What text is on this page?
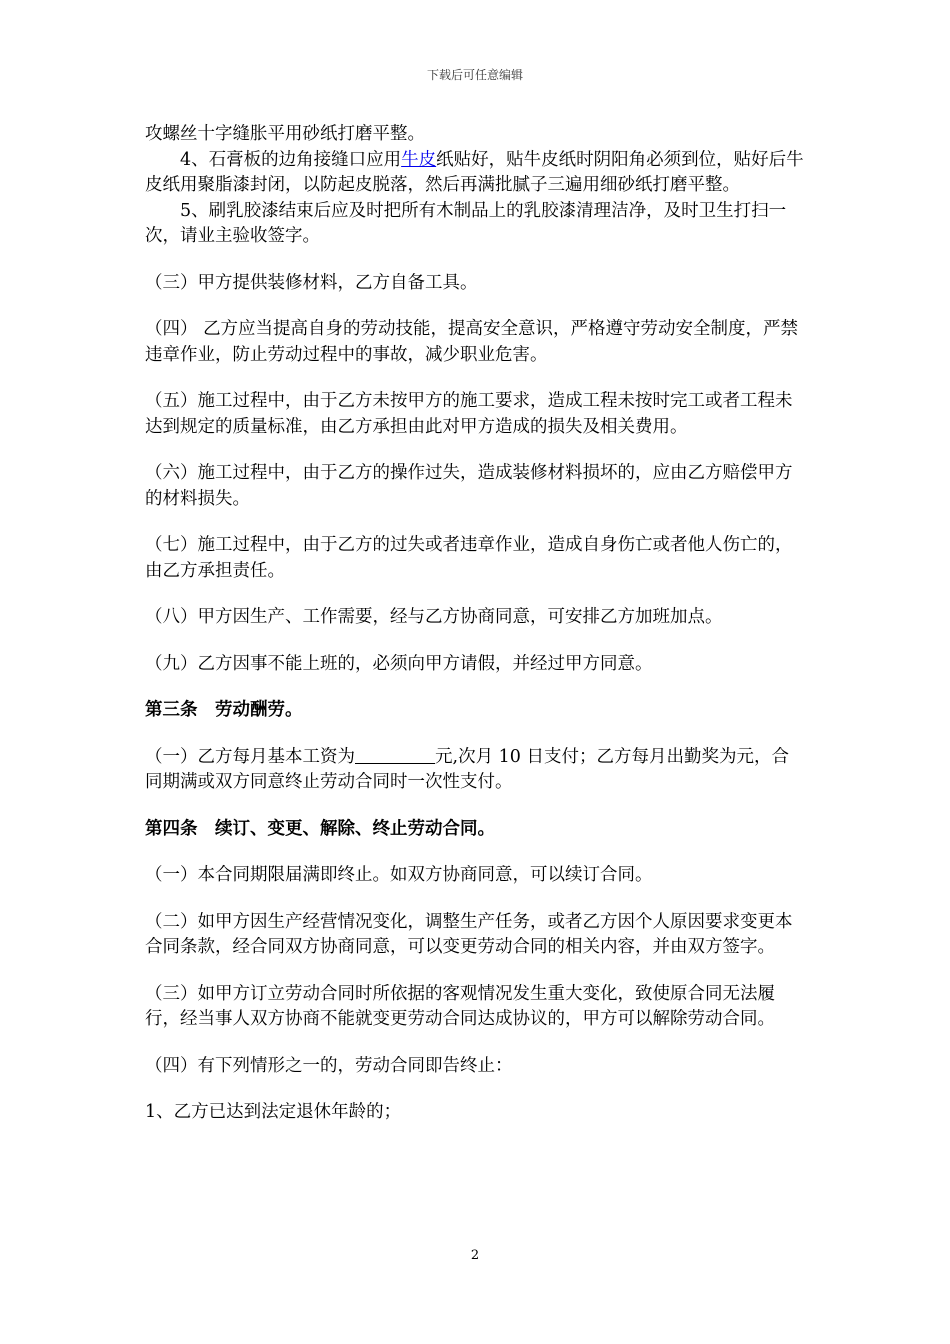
下载后可任意编辑

攻螺丝十字缝胀平用砂纸打磨平整。

4、石膏板的边角接缝口应用牛皮纸贴好，贴牛皮纸时阴阳角必须到位，贴好后牛皮纸用聚脂漆封闭，以防起皮脱落，然后再满批腻子三遍用细砂纸打磨平整。

5、刷乳胶漆结束后应及时把所有木制品上的乳胶漆清理洁净，及时卫生打扫一次，请业主验收签字。

（三）甲方提供装修材料，乙方自备工具。

（四） 乙方应当提高自身的劳动技能，提高安全意识，严格遵守劳动安全制度，严禁违章作业，防止劳动过程中的事故，减少职业危害。

（五）施工过程中，由于乙方未按甲方的施工要求，造成工程未按时完工或者工程未达到规定的质量标准，由乙方承担由此对甲方造成的损失及相关费用。

（六）施工过程中，由于乙方的操作过失，造成装修材料损坏的，应由乙方赔偿甲方的材料损失。

（七）施工过程中，由于乙方的过失或者违章作业，造成自身伤亡或者他人伤亡的，由乙方承担责任。

（八）甲方因生产、工作需要，经与乙方协商同意，可安排乙方加班加点。

（九）乙方因事不能上班的，必须向甲方请假，并经过甲方同意。

第三条　劳动酬劳。

（一）乙方每月基本工资为	元,次月 10 日支付；乙方每月出勤奖为元，合同期满或双方同意终止劳动合同时一次性支付。

第四条　续订、变更、解除、终止劳动合同。

（一）本合同期限届满即终止。如双方协商同意，可以续订合同。

（二）如甲方因生产经营情况变化，调整生产任务，或者乙方因个人原因要求变更本合同条款，经合同双方协商同意，可以变更劳动合同的相关内容，并由双方签字。

（三）如甲方订立劳动合同时所依据的客观情况发生重大变化，致使原合同无法履行，经当事人双方协商不能就变更劳动合同达成协议的，甲方可以解除劳动合同。

（四）有下列情形之一的，劳动合同即告终止：

1、乙方已达到法定退休年龄的；

2
